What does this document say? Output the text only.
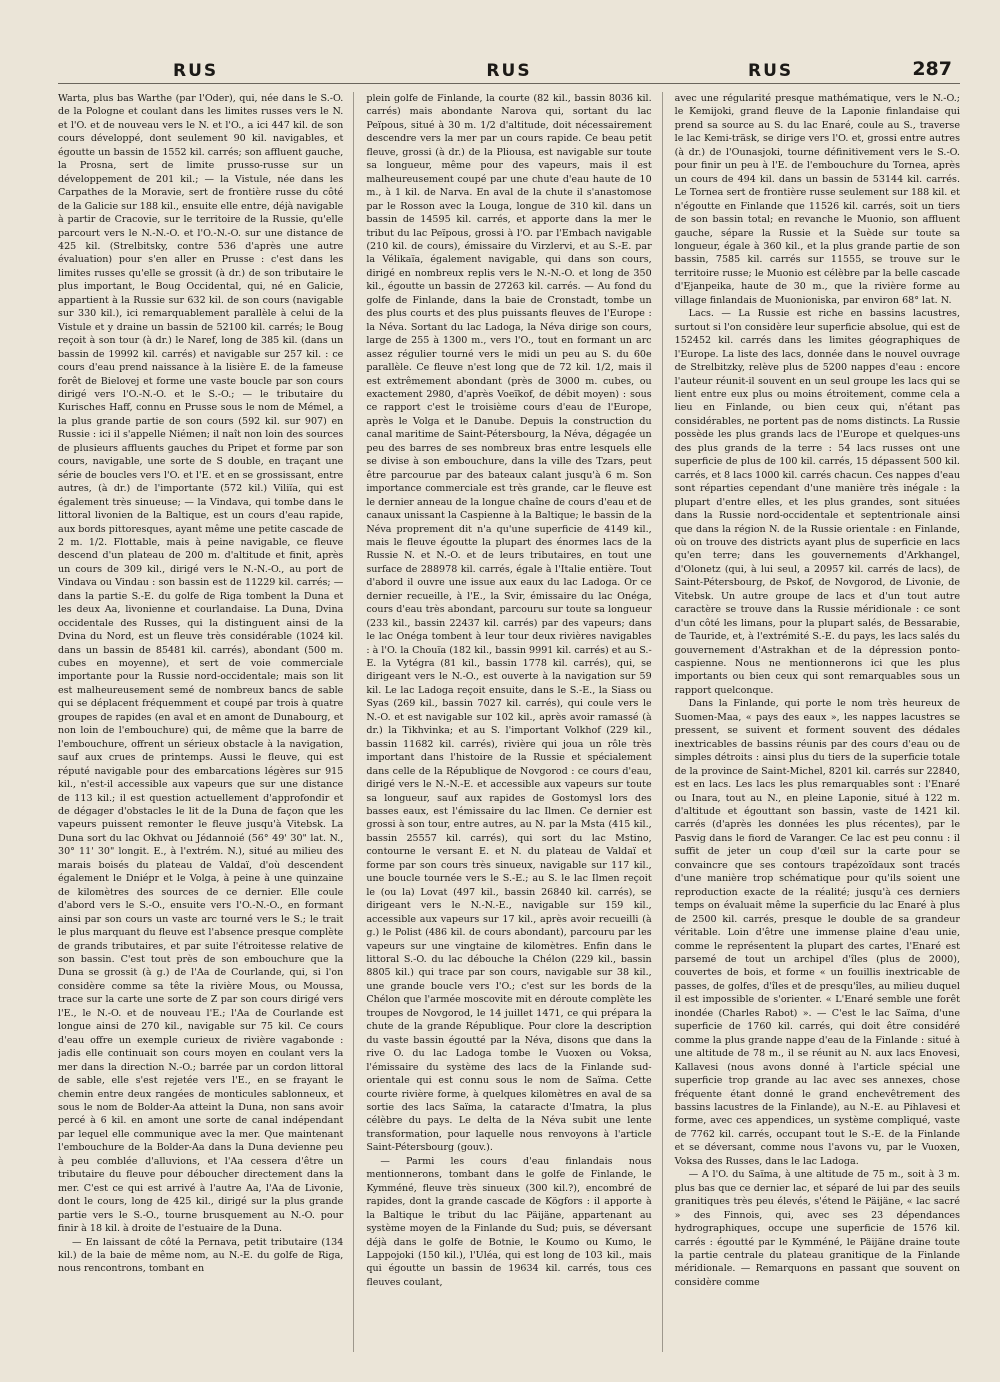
RUS	RUS	RUS	287

Warta, plus bas Warthe (par l'Oder), qui, née dans le S.-O. de la Pologne et coulant dans les limites russes vers le N. et l'O. et de nouveau vers le N. et l'O., a ici 447 kil. de son cours développé, dont seulement 90 kil. navigables, et égoutte un bassin de 1552 kil. carrés; son affluent gauche, la Prosna, sert de limite prusso-russe sur un développement de 201 kil.; — la Vistule, née dans les Carpathes de la Moravie, sert de frontière russe du côté de la Galicie sur 188 kil., ensuite elle entre, déjà navigable à partir de Cracovie, sur le territoire de la Russie, qu'elle parcourt vers le N.-N.-O. et l'O.-N.-O. sur une distance de 425 kil. (Strelbitsky, contre 536 d'après une autre évaluation) pour s'en aller en Prusse : c'est dans les limites russes qu'elle se grossit (à dr.) de son tributaire le plus important, le Boug Occidental, qui, né en Galicie, appartient à la Russie sur 632 kil. de son cours (navigable sur 330 kil.), ici remarquablement parallèle à celui de la Vistule et y draine un bassin de 52100 kil. carrés; le Boug reçoit à son tour (à dr.) le Naref, long de 385 kil. (dans un bassin de 19992 kil. carrés) et navigable sur 257 kil. : ce cours d'eau prend naissance à la lisière E. de la fameuse forêt de Bielovej et forme une vaste boucle par son cours dirigé vers l'O.-N.-O. et le S.-O.; — le tributaire du Kurisches Haff, connu en Prusse sous le nom de Mémel, a la plus grande partie de son cours (592 kil. sur 907) en Russie : ici il s'appelle Niémen; il naît non loin des sources de plusieurs affluents gauches du Pripet et forme par son cours, navigable, une sorte de S double, en traçant une série de boucles vers l'O. et l'E. et en se grossissant, entre autres, (à dr.) de l'importante (572 kil.) Viliïa, qui est également très sinueuse; — la Vindava, qui tombe dans le littoral livonien de la Baltique, est un cours d'eau rapide, aux bords pittoresques, ayant même une petite cascade de 2 m. 1/2. Flottable, mais à peine navigable, ce fleuve descend d'un plateau de 200 m. d'altitude et finit, après un cours de 309 kil., dirigé vers le N.-N.-O., au port de Vindava ou Vindau : son bassin est de 11229 kil. carrés; — dans la partie S.-E. du golfe de Riga tombent la Duna et les deux Aa, livonienne et courlandaise. La Duna, Dvina occidentale des Russes, qui la distinguent ainsi de la Dvina du Nord, est un fleuve très considérable (1024 kil. dans un bassin de 85481 kil. carrés), abondant (500 m. cubes en moyenne), et sert de voie commerciale importante pour la Russie nord-occidentale; mais son lit est malheureusement semé de nombreux bancs de sable qui se déplacent fréquemment et coupé par trois à quatre groupes de rapides (en aval et en amont de Dunabourg, et non loin de l'embouchure) qui, de même que la barre de l'embouchure, offrent un sérieux obstacle à la navigation, sauf aux crues de printemps. Aussi le fleuve, qui est réputé navigable pour des embarcations légères sur 915 kil., n'est-il accessible aux vapeurs que sur une distance de 113 kil.; il est question actuellement d'approfondir et de dégager d'obstacles le lit de la Duna de façon que les vapeurs puissent remonter le fleuve jusqu'à Vitebsk. La Duna sort du lac Okhvat ou Jédannoié (56° 49' 30" lat. N., 30° 11' 30" longit. E., à l'extrém. N.), situé au milieu des marais boisés du plateau de Valdaï, d'où descendent également le Dniépr et le Volga, à peine à une quinzaine de kilomètres des sources de ce dernier. Elle coule d'abord vers le S.-O., ensuite vers l'O.-N.-O., en formant ainsi par son cours un vaste arc tourné vers le S.; le trait le plus marquant du fleuve est l'absence presque complète de grands tributaires, et par suite l'étroitesse relative de son bassin. C'est tout près de son embouchure que la Duna se grossit (à g.) de l'Aa de Courlande, qui, si l'on considère comme sa tête la rivière Mous, ou Moussa, trace sur la carte une sorte de Z par son cours dirigé vers l'E., le N.-O. et de nouveau l'E.; l'Aa de Courlande est longue ainsi de 270 kil., navigable sur 75 kil. Ce cours d'eau offre un exemple curieux de rivière vagabonde : jadis elle continuait son cours moyen en coulant vers la mer dans la direction N.-O.; barrée par un cordon littoral de sable, elle s'est rejetée vers l'E., en se frayant le chemin entre deux rangées de monticules sablonneux, et sous le nom de Bolder-Aa atteint la Duna, non sans avoir percé à 6 kil. en amont une sorte de canal indépendant par lequel elle communique avec la mer. Que maintenant l'embouchure de la Bolder-Aa dans la Duna devienne peu à peu comblée d'alluvions, et l'Aa cessera d'être un tributaire du fleuve pour déboucher directement dans la mer. C'est ce qui est arrivé à l'autre Aa, l'Aa de Livonie, dont le cours, long de 425 kil., dirigé sur la plus grande partie vers le S.-O., tourne brusquement au N.-O. pour finir à 18 kil. à droite de l'estuaire de la Duna.

— En laissant de côté la Pernava, petit tributaire (134 kil.) de la baie de même nom, au N.-E. du golfe de Riga, nous rencontrons, tombant en

plein golfe de Finlande, la courte (82 kil., bassin 8036 kil. carrés) mais abondante Narova qui, sortant du lac Peïpous, situé à 30 m. 1/2 d'altitude, doit nécessairement descendre vers la mer par un cours rapide. Ce beau petit fleuve, grossi (à dr.) de la Pliousa, est navigable sur toute sa longueur, même pour des vapeurs, mais il est malheureusement coupé par une chute d'eau haute de 10 m., à 1 kil. de Narva. En aval de la chute il s'anastomose par le Rosson avec la Louga, longue de 310 kil. dans un bassin de 14595 kil. carrés, et apporte dans la mer le tribut du lac Peïpous, grossi à l'O. par l'Embach navigable (210 kil. de cours), émissaire du Virzlervi, et au S.-E. par la Vélikaïa, également navigable, qui dans son cours, dirigé en nombreux replis vers le N.-N.-O. et long de 350 kil., égoutte un bassin de 27263 kil. carrés. — Au fond du golfe de Finlande, dans la baie de Cronstadt, tombe un des plus courts et des plus puissants fleuves de l'Europe : la Néva. Sortant du lac Ladoga, la Néva dirige son cours, large de 255 à 1300 m., vers l'O., tout en formant un arc assez régulier tourné vers le midi un peu au S. du 60e parallèle. Ce fleuve n'est long que de 72 kil. 1/2, mais il est extrêmement abondant (près de 3000 m. cubes, ou exactement 2980, d'après Voeïkof, de débit moyen) : sous ce rapport c'est le troisième cours d'eau de l'Europe, après le Volga et le Danube. Depuis la construction du canal maritime de Saint-Pétersbourg, la Néva, dégagée un peu des barres de ses nombreux bras entre lesquels elle se divise à son embouchure, dans la ville des Tzars, peut être parcourue par des bateaux calant jusqu'à 6 m. Son importance commerciale est très grande, car le fleuve est le dernier anneau de la longue chaîne de cours d'eau et de canaux unissant la Caspienne à la Baltique; le bassin de la Néva proprement dit n'a qu'une superficie de 4149 kil., mais le fleuve égoutte la plupart des énormes lacs de la Russie N. et N.-O. et de leurs tributaires, en tout une surface de 288978 kil. carrés, égale à l'Italie entière. Tout d'abord il ouvre une issue aux eaux du lac Ladoga. Or ce dernier recueille, à l'E., la Svir, émissaire du lac Onéga, cours d'eau très abondant, parcouru sur toute sa longueur (233 kil., bassin 22437 kil. carrés) par des vapeurs; dans le lac Onéga tombent à leur tour deux rivières navigables : à l'O. la Chouïa (182 kil., bassin 9991 kil. carrés) et au S.-E. la Vytégra (81 kil., bassin 1778 kil. carrés), qui, se dirigeant vers le N.-O., est ouverte à la navigation sur 59 kil. Le lac Ladoga reçoit ensuite, dans le S.-E., la Siass ou Syas (269 kil., bassin 7027 kil. carrés), qui coule vers le N.-O. et est navigable sur 102 kil., après avoir ramassé (à dr.) la Tikhvinka; et au S. l'important Volkhof (229 kil., bassin 11682 kil. carrés), rivière qui joua un rôle très important dans l'histoire de la Russie et spécialement dans celle de la République de Novgorod : ce cours d'eau, dirigé vers le N.-N.-E. et accessible aux vapeurs sur toute sa longueur, sauf aux rapides de Gostomysl lors des basses eaux, est l'émissaire du lac Ilmen. Ce dernier est grossi à son tour, entre autres, au N. par la Msta (415 kil., bassin 25557 kil. carrés), qui sort du lac Mstino, contourne le versant E. et N. du plateau de Valdaï et forme par son cours très sinueux, navigable sur 117 kil., une boucle tournée vers le S.-E.; au S. le lac Ilmen reçoit le (ou la) Lovat (497 kil., bassin 26840 kil. carrés), se dirigeant vers le N.-N.-E., navigable sur 159 kil., accessible aux vapeurs sur 17 kil., après avoir recueilli (à g.) le Polist (486 kil. de cours abondant), parcouru par les vapeurs sur une vingtaine de kilomètres. Enfin dans le littoral S.-O. du lac débouche la Chélon (229 kil., bassin 8805 kil.) qui trace par son cours, navigable sur 38 kil., une grande boucle vers l'O.; c'est sur les bords de la Chélon que l'armée moscovite mit en déroute complète les troupes de Novgorod, le 14 juillet 1471, ce qui prépara la chute de la grande République. Pour clore la description du vaste bassin égoutté par la Néva, disons que dans la rive O. du lac Ladoga tombe le Vuoxen ou Voksa, l'émissaire du système des lacs de la Finlande sud-orientale qui est connu sous le nom de Saïma. Cette courte rivière forme, à quelques kilomètres en aval de sa sortie des lacs Saïma, la cataracte d'Imatra, la plus célèbre du pays. Le delta de la Néva subit une lente transformation, pour laquelle nous renvoyons à l'article Saint-Pétersbourg (gouv.).

— Parmi les cours d'eau finlandais nous mentionnerons, tombant dans le golfe de Finlande, le Kymméné, fleuve très sinueux (300 kil.?), encombré de rapides, dont la grande cascade de Kögfors : il apporte à la Baltique le tribut du lac Päijäne, appartenant au système moyen de la Finlande du Sud; puis, se déversant déjà dans le golfe de Botnie, le Koumo ou Kumo, le Lappojoki (150 kil.), l'Uléa, qui est long de 103 kil., mais qui égoutte un bassin de 19634 kil. carrés, tous ces fleuves coulant,

avec une régularité presque mathématique, vers le N.-O.; le Kemijoki, grand fleuve de la Laponie finlandaise qui prend sa source au S. du lac Enaré, coule au S., traverse le lac Kemi-träsk, se dirige vers l'O. et, grossi entre autres (à dr.) de l'Ounasjoki, tourne définitivement vers le S.-O. pour finir un peu à l'E. de l'embouchure du Tornea, après un cours de 494 kil. dans un bassin de 53144 kil. carrés. Le Tornea sert de frontière russe seulement sur 188 kil. et n'égoutte en Finlande que 11526 kil. carrés, soit un tiers de son bassin total; en revanche le Muonio, son affluent gauche, sépare la Russie et la Suède sur toute sa longueur, égale à 360 kil., et la plus grande partie de son bassin, 7585 kil. carrés sur 11555, se trouve sur le territoire russe; le Muonio est célèbre par la belle cascade d'Ejanpeika, haute de 30 m., que la rivière forme au village finlandais de Muonioniska, par environ 68° lat. N.

Lacs. — La Russie est riche en bassins lacustres, surtout si l'on considère leur superficie absolue, qui est de 152452 kil. carrés dans les limites géographiques de l'Europe. La liste des lacs, donnée dans le nouvel ouvrage de Strelbitzky, relève plus de 5200 nappes d'eau : encore l'auteur réunit-il souvent en un seul groupe les lacs qui se lient entre eux plus ou moins étroitement, comme cela a lieu en Finlande, ou bien ceux qui, n'étant pas considérables, ne portent pas de noms distincts. La Russie possède les plus grands lacs de l'Europe et quelques-uns des plus grands de la terre : 54 lacs russes ont une superficie de plus de 100 kil. carrés, 15 dépassent 500 kil. carrés, et 8 lacs 1000 kil. carrés chacun. Ces nappes d'eau sont réparties cependant d'une manière très inégale : la plupart d'entre elles, et les plus grandes, sont situées dans la Russie nord-occidentale et septentrionale ainsi que dans la région N. de la Russie orientale : en Finlande, où on trouve des districts ayant plus de superficie en lacs qu'en terre; dans les gouvernements d'Arkhangel, d'Olonetz (qui, à lui seul, a 20957 kil. carrés de lacs), de Saint-Pétersbourg, de Pskof, de Novgorod, de Livonie, de Vitebsk. Un autre groupe de lacs et d'un tout autre caractère se trouve dans la Russie méridionale : ce sont d'un côté les limans, pour la plupart salés, de Bessarabie, de Tauride, et, à l'extrémité S.-E. du pays, les lacs salés du gouvernement d'Astrakhan et de la dépression ponto-caspienne. Nous ne mentionnerons ici que les plus importants ou bien ceux qui sont remarquables sous un rapport quelconque.

Dans la Finlande, qui porte le nom très heureux de Suomen-Maa, « pays des eaux », les nappes lacustres se pressent, se suivent et forment souvent des dédales inextricables de bassins réunis par des cours d'eau ou de simples détroits : ainsi plus du tiers de la superficie totale de la province de Saint-Michel, 8201 kil. carrés sur 22840, est en lacs. Les lacs les plus remarquables sont : l'Enaré ou Inara, tout au N., en pleine Laponie, situé à 122 m. d'altitude et égouttant son bassin, vaste de 1421 kil. carrés (d'après les données les plus récentes), par le Pasvig dans le fiord de Varanger. Ce lac est peu connu : il suffit de jeter un coup d'œil sur la carte pour se convaincre que ses contours trapézoïdaux sont tracés d'une manière trop schématique pour qu'ils soient une reproduction exacte de la réalité; jusqu'à ces derniers temps on évaluait même la superficie du lac Enaré à plus de 2500 kil. carrés, presque le double de sa grandeur véritable. Loin d'être une immense plaine d'eau unie, comme le représentent la plupart des cartes, l'Enaré est parsemé de tout un archipel d'îles (plus de 2000), couvertes de bois, et forme « un fouillis inextricable de passes, de golfes, d'îles et de presqu'îles, au milieu duquel il est impossible de s'orienter. « L'Enaré semble une forêt inondée (Charles Rabot) ». — C'est le lac Saïma, d'une superficie de 1760 kil. carrés, qui doit être considéré comme la plus grande nappe d'eau de la Finlande : situé à une altitude de 78 m., il se réunit au N. aux lacs Enovesi, Kallavesi (nous avons donné à l'article spécial une superficie trop grande au lac avec ses annexes, chose fréquente étant donné le grand enchevêtrement des bassins lacustres de la Finlande), au N.-E. au Pihlavesi et forme, avec ces appendices, un système compliqué, vaste de 7762 kil. carrés, occupant tout le S.-E. de la Finlande et se déversant, comme nous l'avons vu, par le Vuoxen, Voksa des Russes, dans le lac Ladoga.

— A l'O. du Saïma, à une altitude de 75 m., soit à 3 m. plus bas que ce dernier lac, et séparé de lui par des seuils granitiques très peu élevés, s'étend le Päijäne, « lac sacré » des Finnois, qui, avec ses 23 dépendances hydrographiques, occupe une superficie de 1576 kil. carrés : égoutté par le Kymméné, le Päijäne draine toute la partie centrale du plateau granitique de la Finlande méridionale. — Remarquons en passant que souvent on considère comme
